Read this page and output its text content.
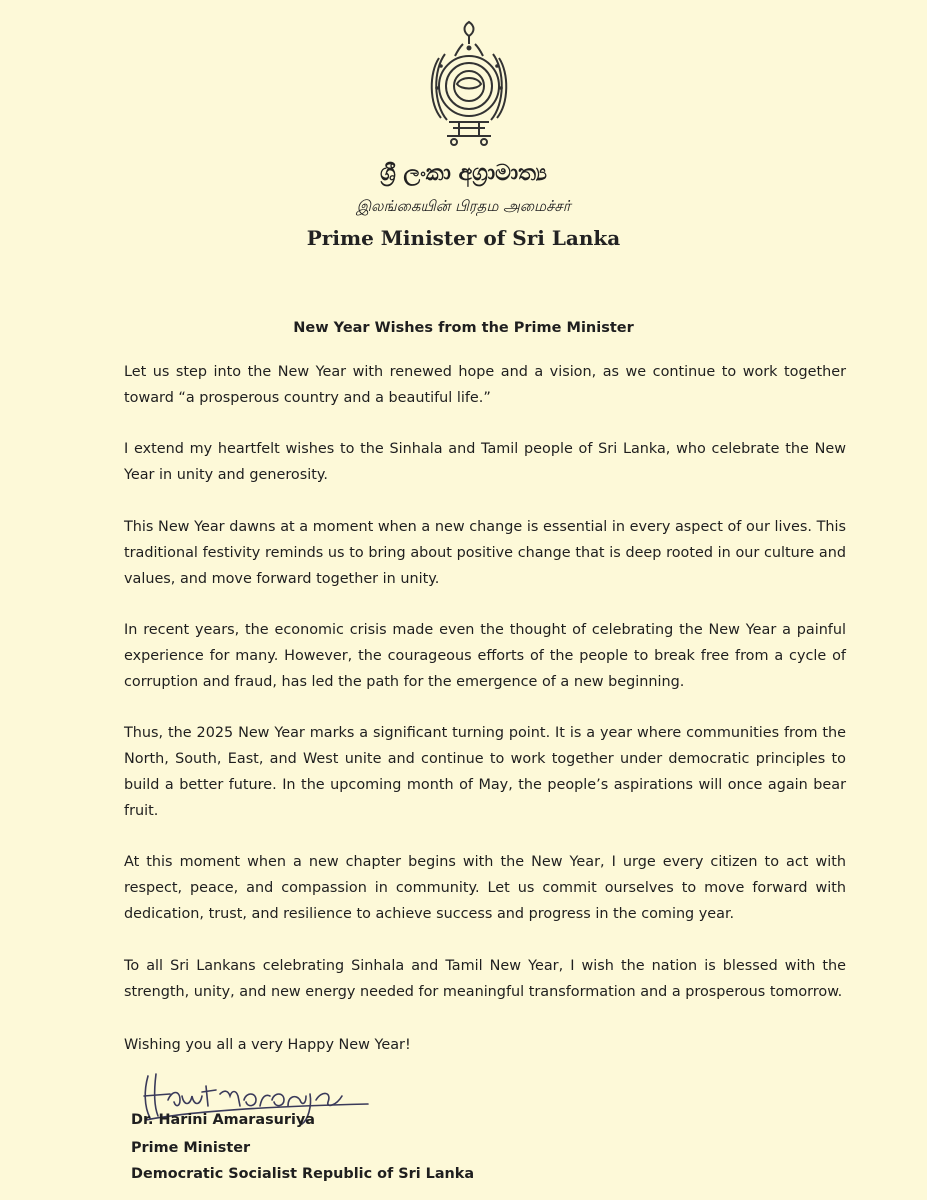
ශ්‍රී ලංකා අග්‍රාමාත්‍ය
இலங்கையின் பிரதம அமைச்சர்
Prime Minister of Sri Lanka
New Year Wishes from the Prime Minister

Let us step into the New Year with renewed hope and a vision, as we continue to work together toward “a prosperous country and a beautiful life.”

I extend my heartfelt wishes to the Sinhala and Tamil people of Sri Lanka, who celebrate the New Year in unity and generosity.

This New Year dawns at a moment when a new change is essential in every aspect of our lives. This traditional festivity reminds us to bring about positive change that is deep rooted in our culture and values, and move forward together in unity.

In recent years, the economic crisis made even the thought of celebrating the New Year a painful experience for many. However, the courageous efforts of the people to break free from a cycle of corruption and fraud, has led the path for the emergence of a new beginning.

Thus, the 2025 New Year marks a significant turning point. It is a year where communities from the North, South, East, and West unite and continue to work together under democratic principles to build a better future. In the upcoming month of May, the people’s aspirations will once again bear fruit.

At this moment when a new chapter begins with the New Year, I urge every citizen to act with respect, peace, and compassion in community. Let us commit ourselves to move forward with dedication, trust, and resilience to achieve success and progress in the coming year.

To all Sri Lankans celebrating Sinhala and Tamil New Year, I wish the nation is blessed with the strength, unity, and new energy needed for meaningful transformation and a prosperous tomorrow.

Wishing you all a very Happy New Year!

Dr. Harini Amarasuriya
Prime Minister
Democratic Socialist Republic of Sri Lanka
